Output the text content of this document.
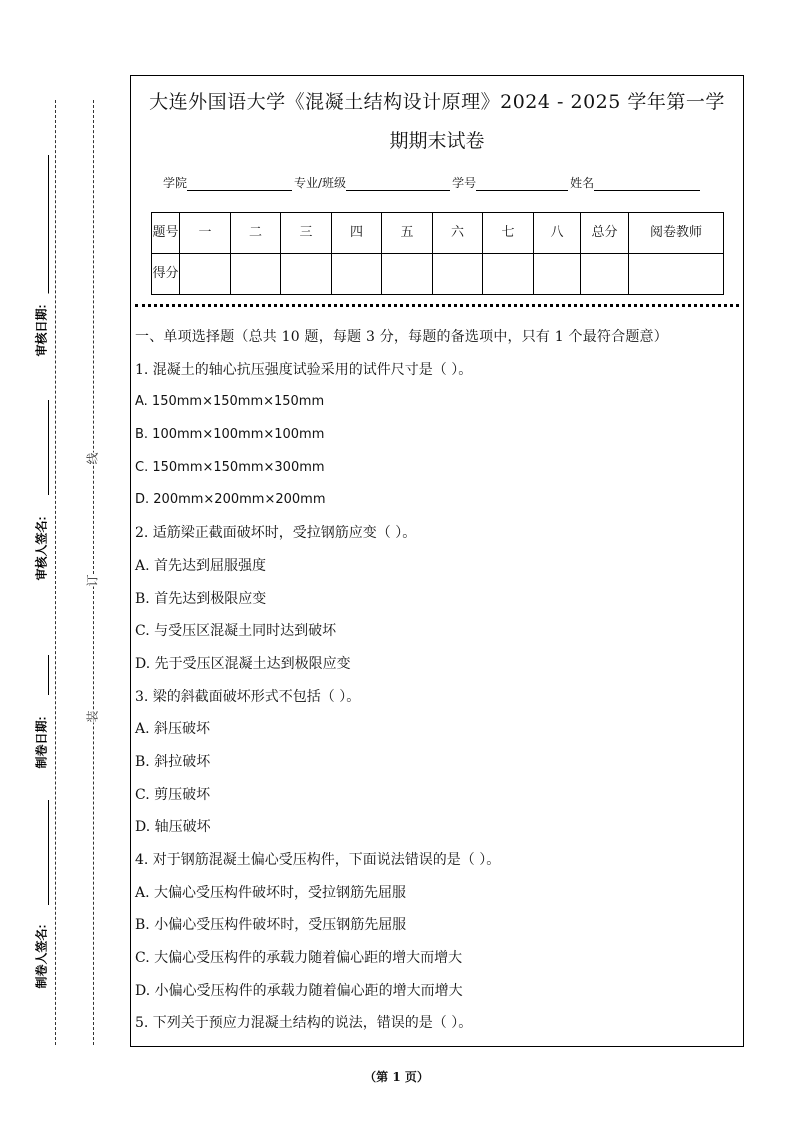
审核日期:
审核人签名:
制卷日期:
制卷人签名:
线
订
装
大连外国语大学《混凝土结构设计原理》2024 - 2025 学年第一学
期期末试卷
学院	专业/班级	学号	姓名
题号	一	二	三	四	五	六	七	八	总分	阅卷教师
得分										
一、单项选择题（总共 10 题，每题 3 分，每题的备选项中，只有 1 个最符合题意）
1. 混凝土的轴心抗压强度试验采用的试件尺寸是（ ）。
A. 150mm×150mm×150mm
B. 100mm×100mm×100mm
C. 150mm×150mm×300mm
D. 200mm×200mm×200mm
2. 适筋梁正截面破坏时，受拉钢筋应变（ ）。
A. 首先达到屈服强度
B. 首先达到极限应变
C. 与受压区混凝土同时达到破坏
D. 先于受压区混凝土达到极限应变
3. 梁的斜截面破坏形式不包括（ ）。
A. 斜压破坏
B. 斜拉破坏
C. 剪压破坏
D. 轴压破坏
4. 对于钢筋混凝土偏心受压构件，下面说法错误的是（ ）。
A. 大偏心受压构件破坏时，受拉钢筋先屈服
B. 小偏心受压构件破坏时，受压钢筋先屈服
C. 大偏心受压构件的承载力随着偏心距的增大而增大
D. 小偏心受压构件的承载力随着偏心距的增大而增大
5. 下列关于预应力混凝土结构的说法，错误的是（ ）。
（第 1 页）
